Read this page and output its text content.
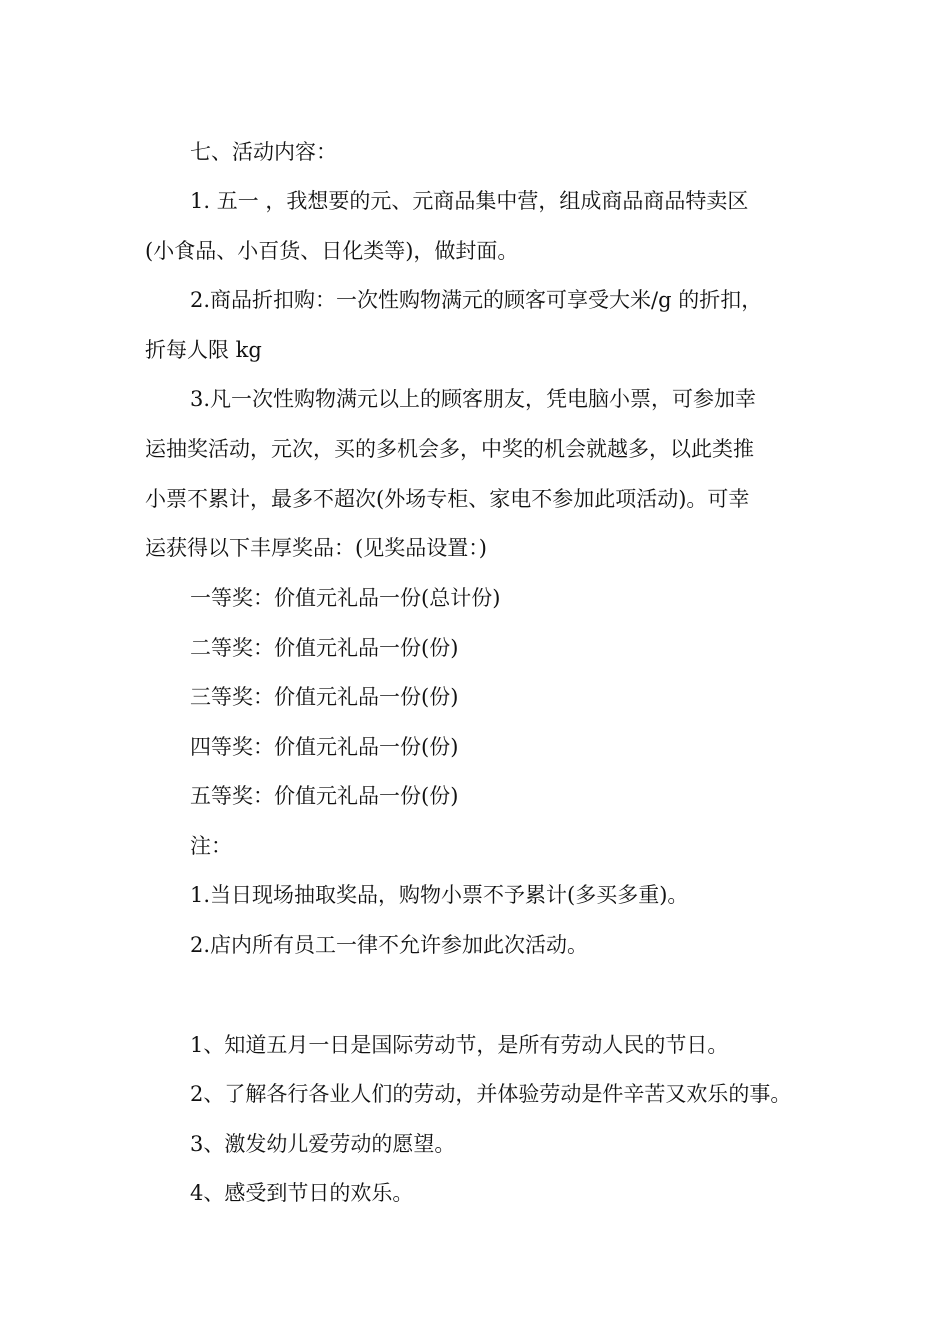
七、活动内容：
1. 五一 ，我想要的元、元商品集中营，组成商品商品特卖区
(小食品、小百货、日化类等)，做封面。
2.商品折扣购：一次性购物满元的顾客可享受大米/g 的折扣，
折每人限 kg
3.凡一次性购物满元以上的顾客朋友，凭电脑小票，可参加幸
运抽奖活动，元次，买的多机会多，中奖的机会就越多，以此类推
小票不累计，最多不超次(外场专柜、家电不参加此项活动)。可幸
运获得以下丰厚奖品：(见奖品设置：)
一等奖：价值元礼品一份(总计份)
二等奖：价值元礼品一份(份)
三等奖：价值元礼品一份(份)
四等奖：价值元礼品一份(份)
五等奖：价值元礼品一份(份)
注：
1.当日现场抽取奖品，购物小票不予累计(多买多重)。
2.店内所有员工一律不允许参加此次活动。
1、知道五月一日是国际劳动节，是所有劳动人民的节日。
2、了解各行各业人们的劳动，并体验劳动是件辛苦又欢乐的事。
3、激发幼儿爱劳动的愿望。
4、感受到节日的欢乐。
